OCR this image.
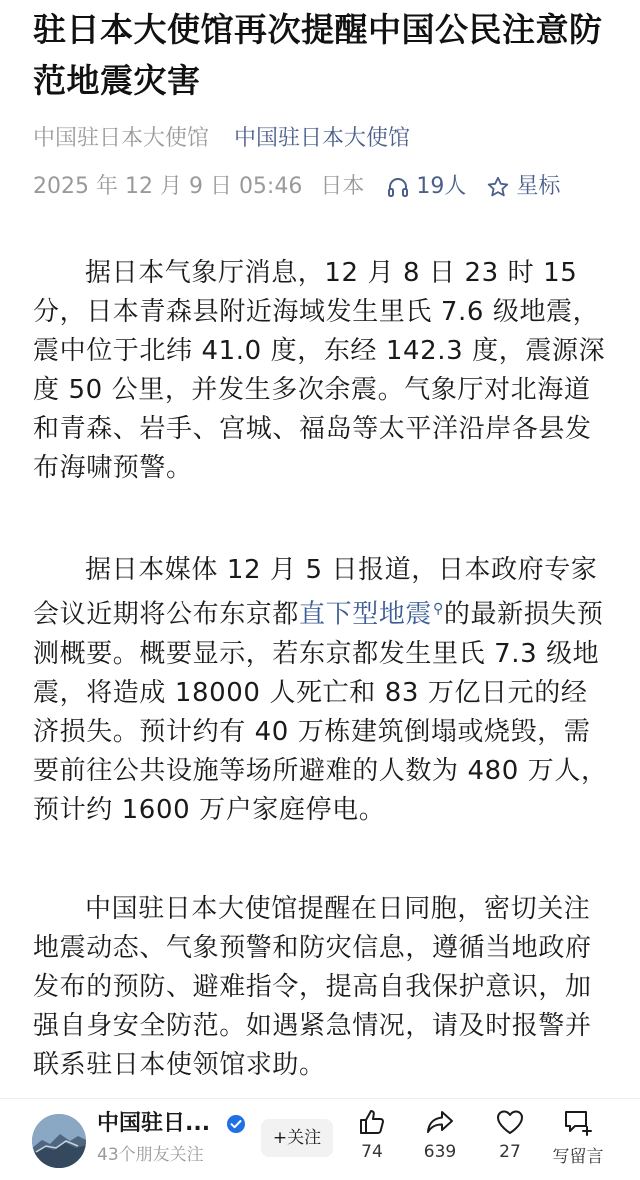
驻日本大使馆再次提醒中国公民注意防范地震灾害
中国驻日本大使馆 中国驻日本大使馆
2025 年 12 月 9 日 05:46 日本 19人 星标
据日本气象厅消息，12 月 8 日 23 时 15 分，日本青森县附近海域发生里氏 7.6 级地震，震中位于北纬 41.0 度，东经 142.3 度，震源深度 50 公里，并发生多次余震。气象厅对北海道和青森、岩手、宫城、福岛等太平洋沿岸各县发布海啸预警。
据日本媒体 12 月 5 日报道，日本政府专家会议近期将公布东京都直下型地震⚲的最新损失预测概要。概要显示，若东京都发生里氏 7.3 级地震，将造成 18000 人死亡和 83 万亿日元的经济损失。预计约有 40 万栋建筑倒塌或烧毁，需要前往公共设施等场所避难的人数为 480 万人，预计约 1600 万户家庭停电。
中国驻日本大使馆提醒在日同胞，密切关注地震动态、气象预警和防灾信息，遵循当地政府发布的预防、避难指令，提高自我保护意识，加强自身安全防范。如遇紧急情况，请及时报警并联系驻日本使领馆求助。
中国驻日...
43个朋友关注
+关注
74	639	27	写留言
